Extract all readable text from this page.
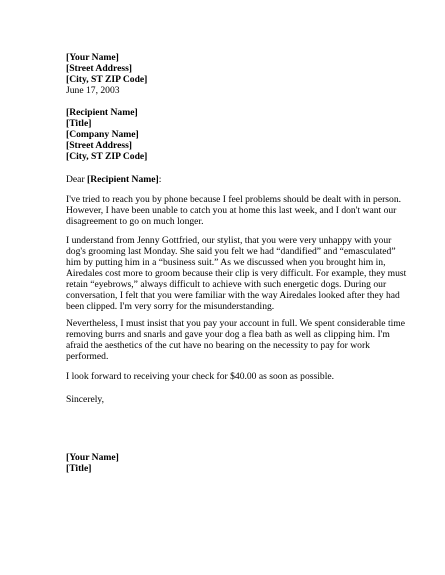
[Your Name]
[Street Address]
[City, ST ZIP Code]
June 17, 2003
[Recipient Name]
[Title]
[Company Name]
[Street Address]
[City, ST ZIP Code]
Dear [Recipient Name]:
I've tried to reach you by phone because I feel problems should be dealt with in person.
However, I have been unable to catch you at home this last week, and I don't want our
disagreement to go on much longer.
I understand from Jenny Gottfried, our stylist, that you were very unhappy with your
dog's grooming last Monday. She said you felt we had “dandified” and “emasculated”
him by putting him in a “business suit.” As we discussed when you brought him in,
Airedales cost more to groom because their clip is very difficult. For example, they must
retain “eyebrows,” always difficult to achieve with such energetic dogs. During our
conversation, I felt that you were familiar with the way Airedales looked after they had
been clipped. I'm very sorry for the misunderstanding.
Nevertheless, I must insist that you pay your account in full. We spent considerable time
removing burrs and snarls and gave your dog a flea bath as well as clipping him. I'm
afraid the aesthetics of the cut have no bearing on the necessity to pay for work
performed.
I look forward to receiving your check for $40.00 as soon as possible.
Sincerely,
[Your Name]
[Title]
